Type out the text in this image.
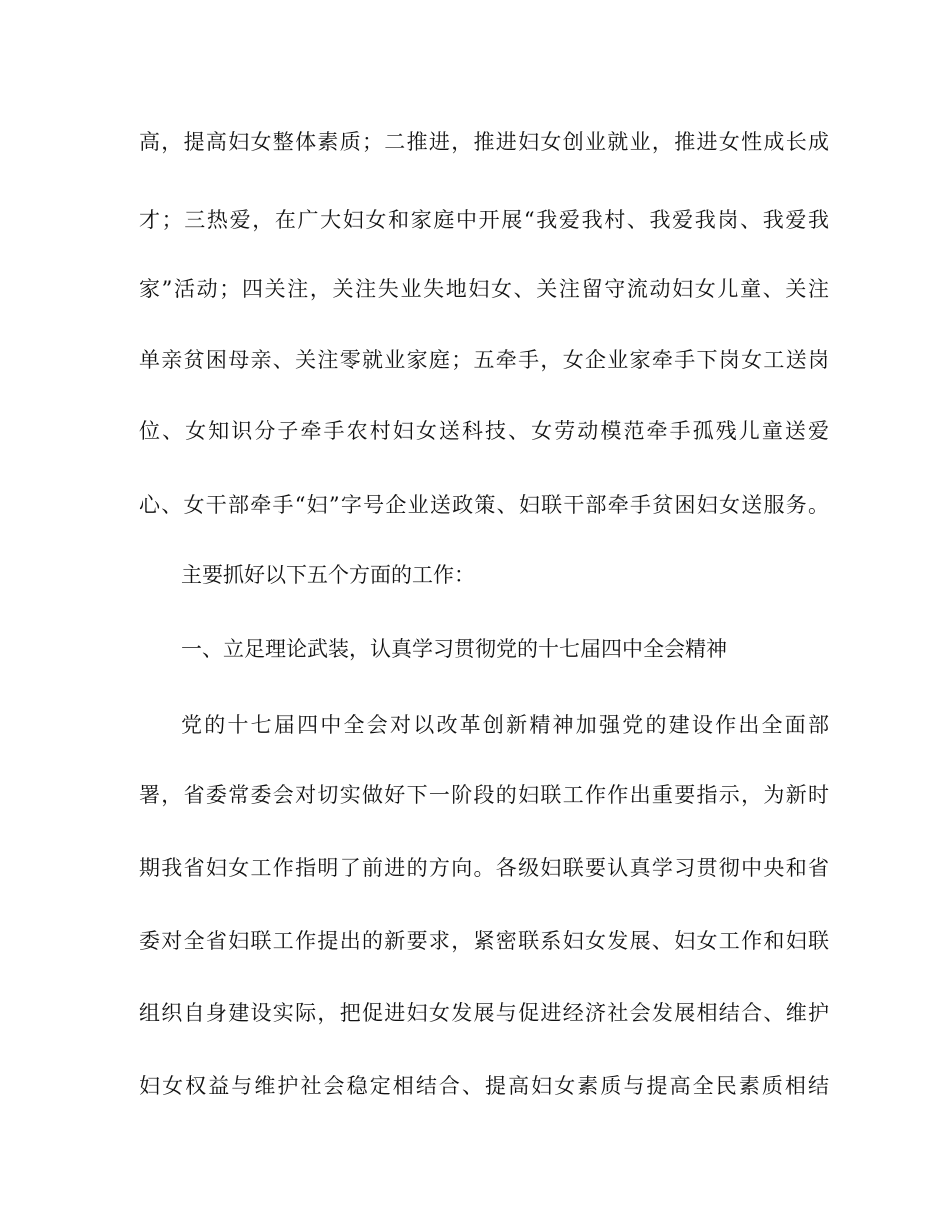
高，提高妇女整体素质；二推进，推进妇女创业就业，推进女性成长成
才；三热爱，在广大妇女和家庭中开展“我爱我村、我爱我岗、我爱我
家”活动；四关注，关注失业失地妇女、关注留守流动妇女儿童、关注
单亲贫困母亲、关注零就业家庭；五牵手，女企业家牵手下岗女工送岗
位、女知识分子牵手农村妇女送科技、女劳动模范牵手孤残儿童送爱
心、女干部牵手“妇”字号企业送政策、妇联干部牵手贫困妇女送服务。
主要抓好以下五个方面的工作：
一、立足理论武装，认真学习贯彻党的十七届四中全会精神
党的十七届四中全会对以改革创新精神加强党的建设作出全面部
署，省委常委会对切实做好下一阶段的妇联工作作出重要指示，为新时
期我省妇女工作指明了前进的方向。各级妇联要认真学习贯彻中央和省
委对全省妇联工作提出的新要求，紧密联系妇女发展、妇女工作和妇联
组织自身建设实际，把促进妇女发展与促进经济社会发展相结合、维护
妇女权益与维护社会稳定相结合、提高妇女素质与提高全民素质相结
